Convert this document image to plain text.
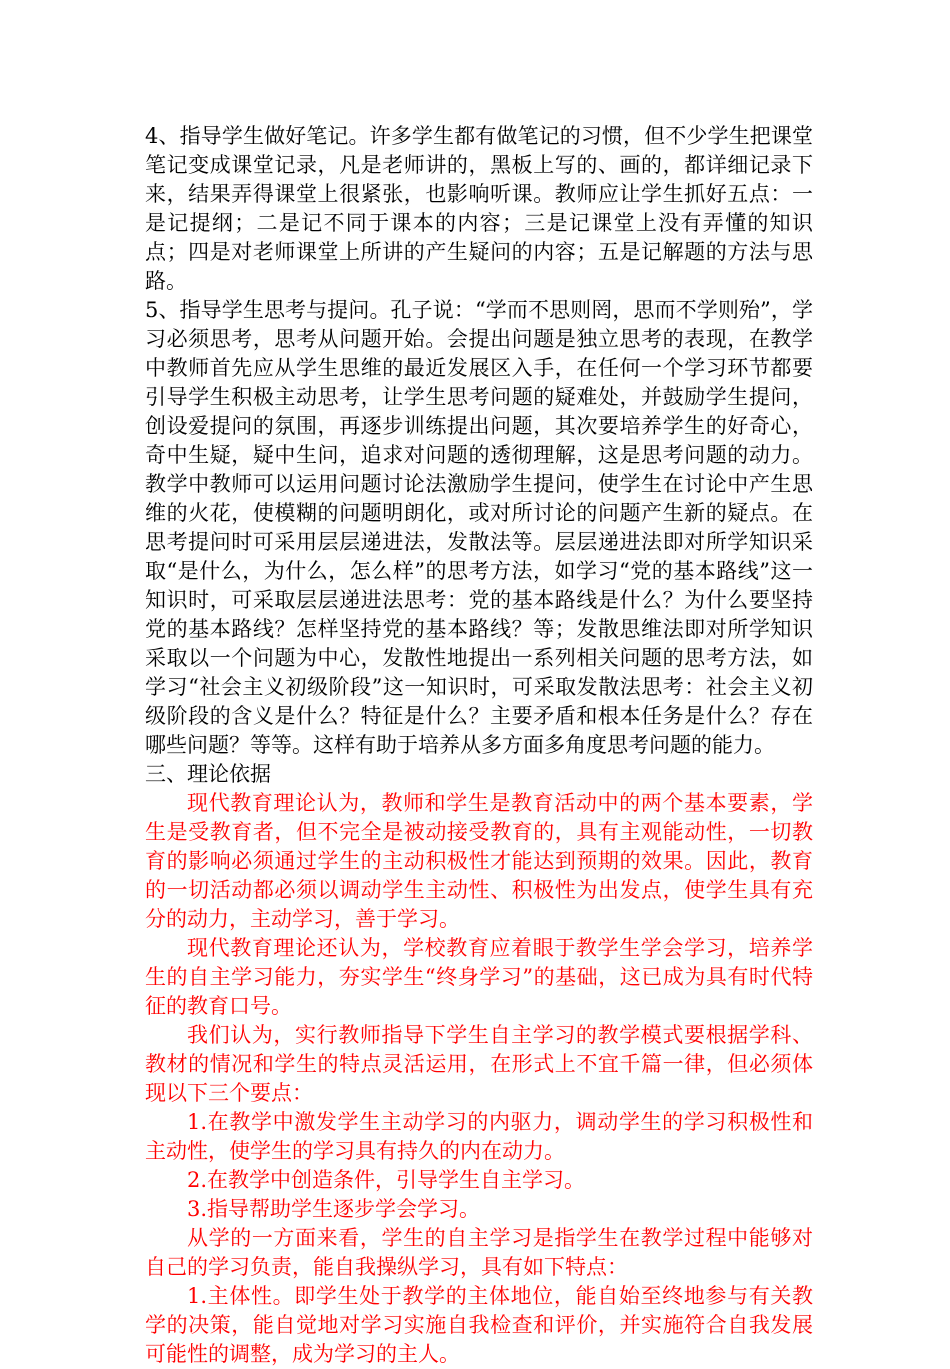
4、指导学生做好笔记。许多学生都有做笔记的习惯，但不少学生把课堂笔记变成课堂记录，凡是老师讲的，黑板上写的、画的，都详细记录下来，结果弄得课堂上很紧张，也影响听课。教师应让学生抓好五点：一是记提纲；二是记不同于课本的内容；三是记课堂上没有弄懂的知识点；四是对老师课堂上所讲的产生疑问的内容；五是记解题的方法与思路。

5、指导学生思考与提问。孔子说：“学而不思则罔，思而不学则殆”，学习必须思考，思考从问题开始。会提出问题是独立思考的表现，在教学中教师首先应从学生思维的最近发展区入手，在任何一个学习环节都要引导学生积极主动思考，让学生思考问题的疑难处，并鼓励学生提问，创设爱提问的氛围，再逐步训练提出问题，其次要培养学生的好奇心，奇中生疑，疑中生问，追求对问题的透彻理解，这是思考问题的动力。教学中教师可以运用问题讨论法激励学生提问，使学生在讨论中产生思维的火花，使模糊的问题明朗化，或对所讨论的问题产生新的疑点。在思考提问时可采用层层递进法，发散法等。层层递进法即对所学知识采取“是什么，为什么，怎么样”的思考方法，如学习“党的基本路线”这一知识时，可采取层层递进法思考：党的基本路线是什么？为什么要坚持党的基本路线？怎样坚持党的基本路线？等；发散思维法即对所学知识采取以一个问题为中心，发散性地提出一系列相关问题的思考方法，如学习“社会主义初级阶段”这一知识时，可采取发散法思考：社会主义初级阶段的含义是什么？特征是什么？主要矛盾和根本任务是什么？存在哪些问题？等等。这样有助于培养从多方面多角度思考问题的能力。

三、理论依据

现代教育理论认为，教师和学生是教育活动中的两个基本要素，学生是受教育者，但不完全是被动接受教育的，具有主观能动性，一切教育的影响必须通过学生的主动积极性才能达到预期的效果。因此，教育的一切活动都必须以调动学生主动性、积极性为出发点，使学生具有充分的动力，主动学习，善于学习。

现代教育理论还认为，学校教育应着眼于教学生学会学习，培养学生的自主学习能力，夯实学生“终身学习”的基础，这已成为具有时代特征的教育口号。

我们认为，实行教师指导下学生自主学习的教学模式要根据学科、教材的情况和学生的特点灵活运用，在形式上不宜千篇一律，但必须体现以下三个要点：

1.在教学中激发学生主动学习的内驱力，调动学生的学习积极性和主动性，使学生的学习具有持久的内在动力。

2.在教学中创造条件，引导学生自主学习。

3.指导帮助学生逐步学会学习。

从学的一方面来看，学生的自主学习是指学生在教学过程中能够对自己的学习负责，能自我操纵学习，具有如下特点：

1.主体性。即学生处于教学的主体地位，能自始至终地参与有关教学的决策，能自觉地对学习实施自我检查和评价，并实施符合自我发展可能性的调整，成为学习的主人。
